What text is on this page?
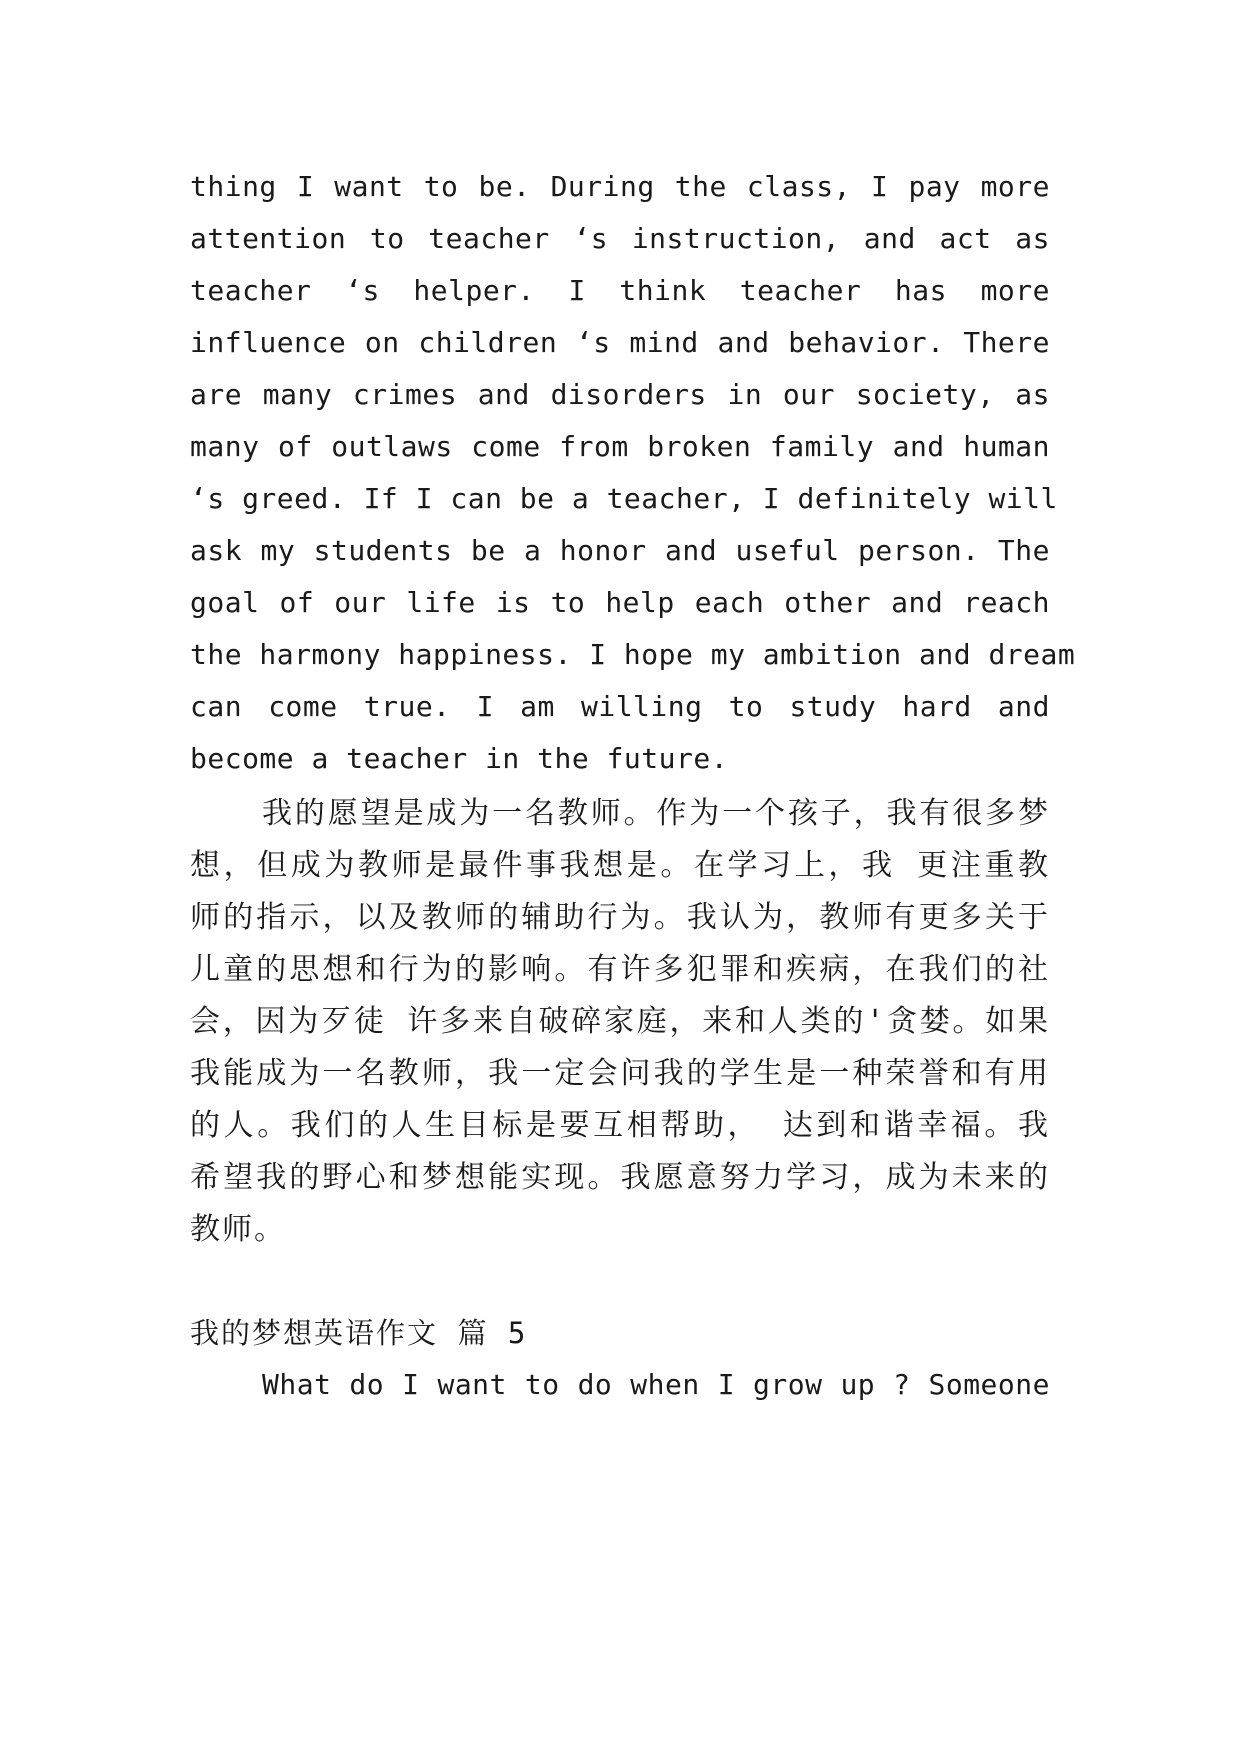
thing I want to be. During the class, I pay more
attention to teacher ‘s instruction, and act as
teacher ‘s helper. I think teacher has more
influence on children ‘s mind and behavior. There
are many crimes and disorders in our society, as
many of outlaws come from broken family and human
‘s greed. If I can be a teacher, I definitely will
ask my students be a honor and useful person. The
goal of our life is to help each other and reach
the harmony happiness. I hope my ambition and dream
can come true. I am willing to study hard and
become a teacher in the future.
我的愿望是成为一名教师。作为一个孩子，我有很多梦
想，但成为教师是最件事我想是。在学习上，我 更注重教
师的指示，以及教师的辅助行为。我认为，教师有更多关于
儿童的思想和行为的影响。有许多犯罪和疾病，在我们的社
会，因为歹徒 许多来自破碎家庭，来和人类的'贪婪。如果
我能成为一名教师，我一定会问我的学生是一种荣誉和有用
的人。我们的人生目标是要互相帮助， 达到和谐幸福。我
希望我的野心和梦想能实现。我愿意努力学习，成为未来的
教师。
我的梦想英语作文 篇 5
What do I want to do when I grow up ? Someone
